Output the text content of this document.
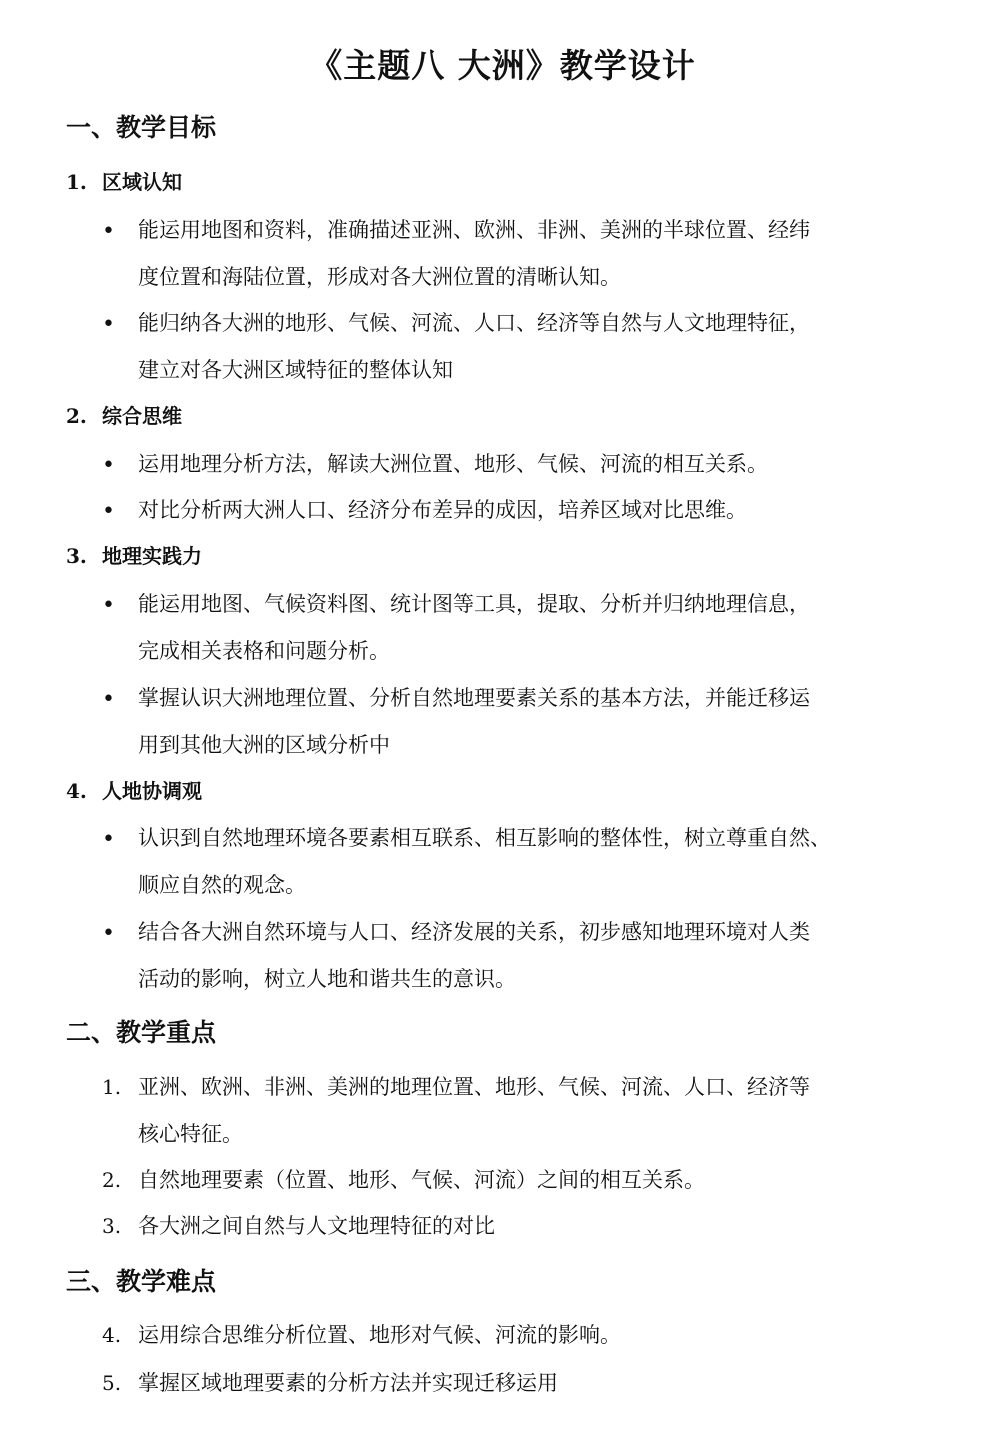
《主题八 大洲》教学设计
一、教学目标
1. 区域认知
• 能运用地图和资料，准确描述亚洲、欧洲、非洲、美洲的半球位置、经纬
度位置和海陆位置，形成对各大洲位置的清晰认知。

• 能归纳各大洲的地形、气候、河流、人口、经济等自然与人文地理特征，
建立对各大洲区域特征的整体认知

2. 综合思维
• 运用地理分析方法，解读大洲位置、地形、气候、河流的相互关系。

• 对比分析两大洲人口、经济分布差异的成因，培养区域对比思维。

3. 地理实践力
• 能运用地图、气候资料图、统计图等工具，提取、分析并归纳地理信息，
完成相关表格和问题分析。

• 掌握认识大洲地理位置、分析自然地理要素关系的基本方法，并能迁移运
用到其他大洲的区域分析中

4. 人地协调观
• 认识到自然地理环境各要素相互联系、相互影响的整体性，树立尊重自然、
顺应自然的观念。

• 结合各大洲自然环境与人口、经济发展的关系，初步感知地理环境对人类
活动的影响，树立人地和谐共生的意识。

二、教学重点
1. 亚洲、欧洲、非洲、美洲的地理位置、地形、气候、河流、人口、经济等
核心特征。

2. 自然地理要素（位置、地形、气候、河流）之间的相互关系。

3. 各大洲之间自然与人文地理特征的对比

三、教学难点
4. 运用综合思维分析位置、地形对气候、河流的影响。

5. 掌握区域地理要素的分析方法并实现迁移运用
